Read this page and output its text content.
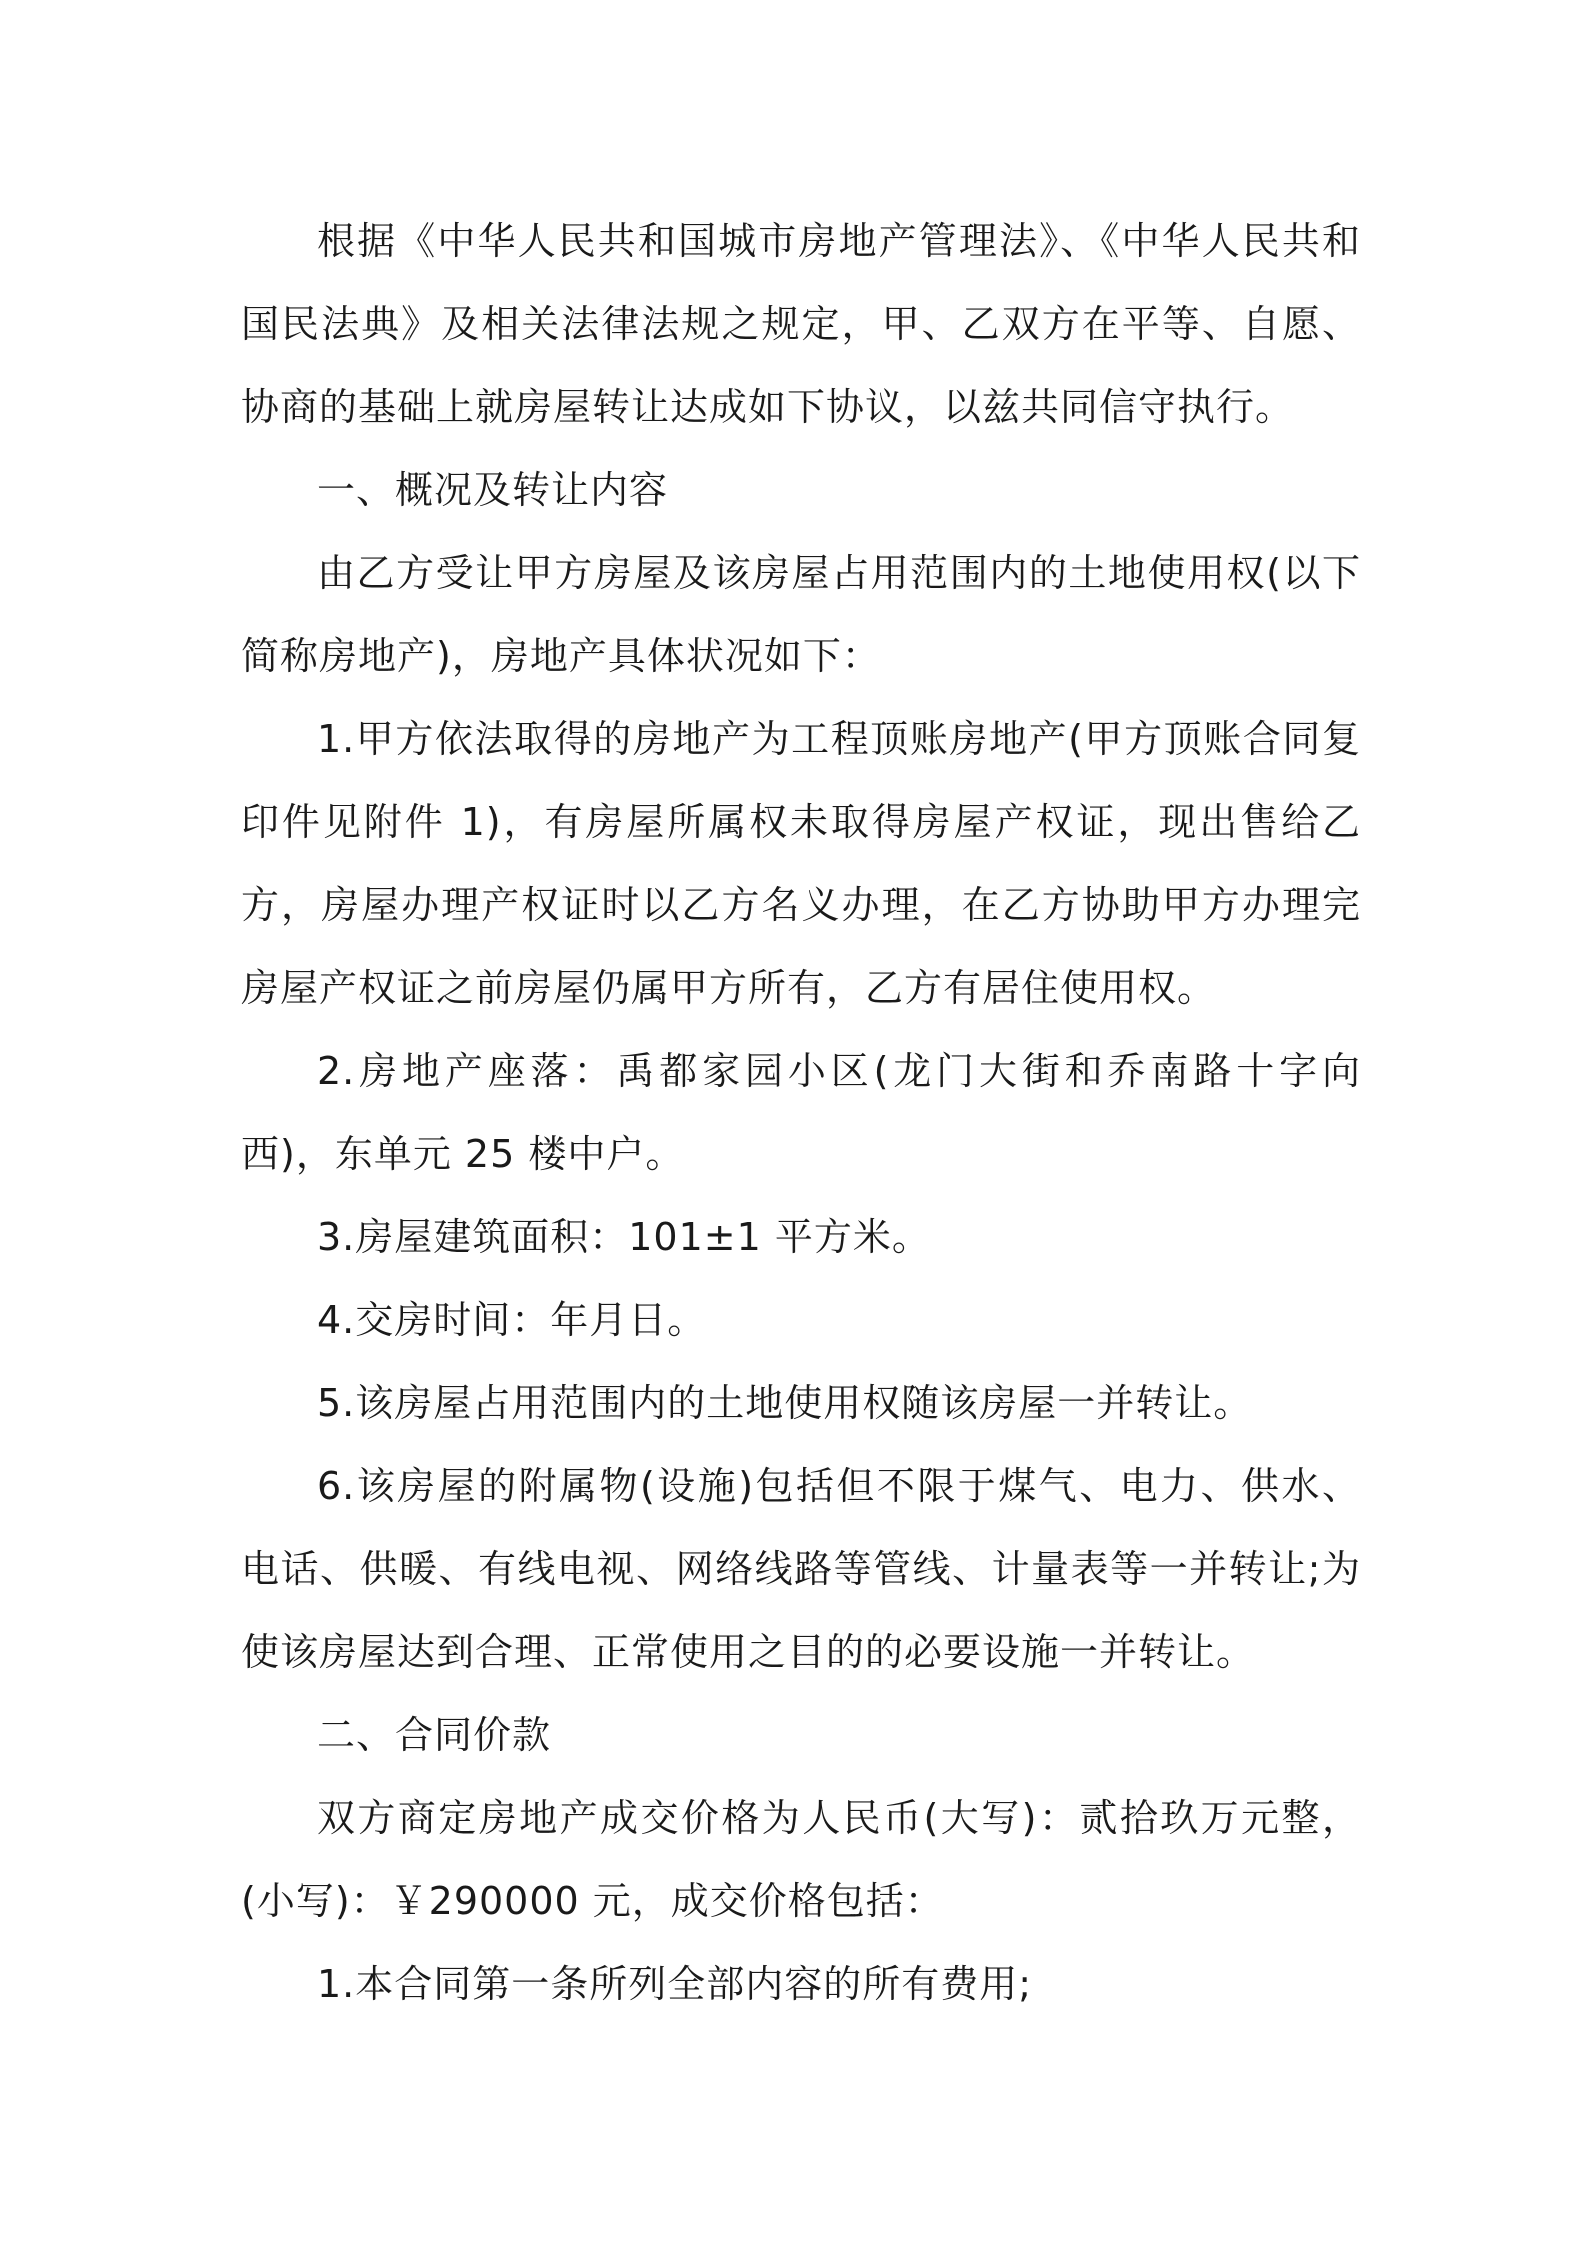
根据《中华人民共和国城市房地产管理法》、《中华人民共和国民法典》及相关法律法规之规定，甲、乙双方在平等、自愿、协商的基础上就房屋转让达成如下协议，以兹共同信守执行。

一、概况及转让内容

由乙方受让甲方房屋及该房屋占用范围内的土地使用权(以下简称房地产)，房地产具体状况如下：

1.甲方依法取得的房地产为工程顶账房地产(甲方顶账合同复印件见附件 1)，有房屋所属权未取得房屋产权证，现出售给乙方，房屋办理产权证时以乙方名义办理，在乙方协助甲方办理完房屋产权证之前房屋仍属甲方所有，乙方有居住使用权。

2.房地产座落：禹都家园小区(龙门大街和乔南路十字向西)，东单元 25 楼中户。

3.房屋建筑面积：101±1 平方米。

4.交房时间：年月日。

5.该房屋占用范围内的土地使用权随该房屋一并转让。

6.该房屋的附属物(设施)包括但不限于煤气、电力、供水、电话、供暖、有线电视、网络线路等管线、计量表等一并转让;为使该房屋达到合理、正常使用之目的的必要设施一并转让。

二、合同价款

双方商定房地产成交价格为人民币(大写)：贰拾玖万元整，(小写)：￥290000 元，成交价格包括：

1.本合同第一条所列全部内容的所有费用;
